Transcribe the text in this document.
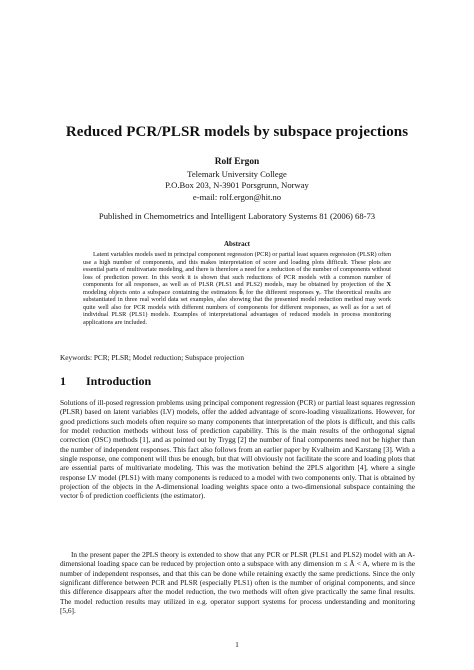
Reduced PCR/PLSR models by subspace projections
Rolf Ergon
Telemark University College
P.O.Box 203, N-3901 Porsgrunn, Norway
e-mail: rolf.ergon@hit.no
Published in Chemometrics and Intelligent Laboratory Systems 81 (2006) 68-73
Abstract
Latent variables models used in principal component regression (PCR) or partial least squares regression (PLSR) often use a high number of components, and this makes interpretation of score and loading plots difficult. These plots are essential parts of multivariate modeling, and there is therefore a need for a reduction of the number of components without loss of prediction power. In this work it is shown that such reductions of PCR models with a common number of components for all responses, as well as of PLSR (PLS1 and PLS2) models, may be obtained by projection of the X modeling objects onto a subspace containing the estimators b̂ᵢ for the different responses yᵢ. The theoretical results are substantiated in three real world data set examples, also showing that the presented model reduction method may work quite well also for PCR models with different numbers of components for different responses, as well as for a set of individual PLSR (PLS1) models. Examples of interpretational advantages of reduced models in process monitoring applications are included.
Keywords: PCR; PLSR; Model reduction; Subspace projection
1 Introduction

Solutions of ill-posed regression problems using principal component regression (PCR) or partial least squares regression (PLSR) based on latent variables (LV) models, offer the added advantage of score-loading visualizations. However, for good predictions such models often require so many components that interpretation of the plots is difficult, and this calls for model reduction methods without loss of prediction capability. This is the main results of the orthogonal signal correction (OSC) methods [1], and as pointed out by Trygg [2] the number of final components need not be higher than the number of independent responses. This fact also follows from an earlier paper by Kvalheim and Karstang [3]. With a single response, one component will thus be enough, but that will obviously not facilitate the score and loading plots that are essential parts of multivariate modeling. This was the motivation behind the 2PLS algorithm [4], where a single response LV model (PLS1) with many components is reduced to a model with two components only. That is obtained by projection of the objects in the A-dimensional loading weights space onto a two-dimensional subspace containing the vector b̂ of prediction coefficients (the estimator).

In the present paper the 2PLS theory is extended to show that any PCR or PLSR (PLS1 and PLS2) model with an A-dimensional loading space can be reduced by projection onto a subspace with any dimension m ≤ Ã < A, where m is the number of independent responses, and that this can be done while retaining exactly the same predictions. Since the only significant difference between PCR and PLSR (especially PLS1) often is the number of original components, and since this difference disappears after the model reduction, the two methods will often give practically the same final results. The model reduction results may utilized in e.g. operator support systems for process understanding and monitoring [5,6].

1
